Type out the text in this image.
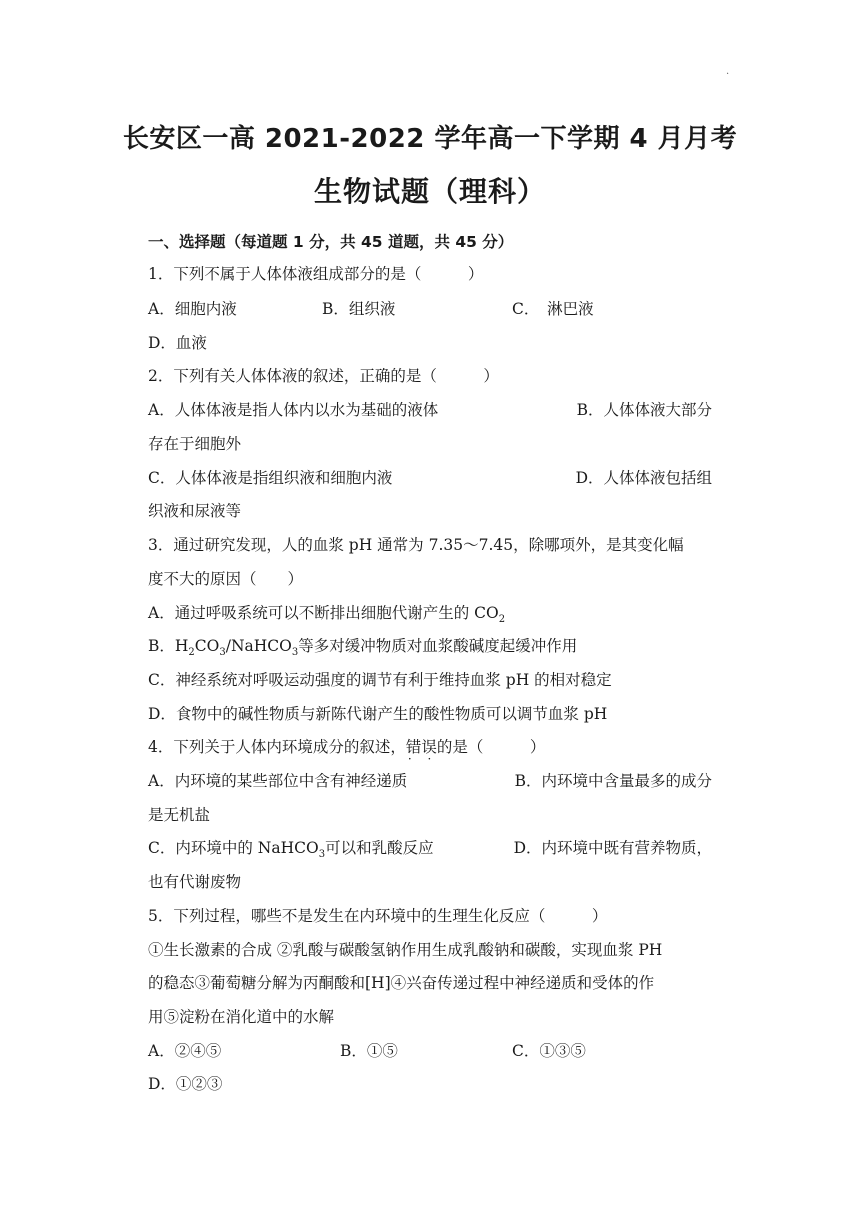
.
长安区一高 2021-2022 学年高一下学期 4 月月考
生物试题（理科）
一、选择题（每道题 1 分，共 45 道题，共 45 分）
1．下列不属于人体体液组成部分的是（　　　）
A．细胞内液	B．组织液	C．　淋巴液
D．血液
2．下列有关人体体液的叙述，正确的是（　　　）
A．人体体液是指人体内以水为基础的液体	B．人体体液大部分
存在于细胞外
C．人体体液是指组织液和细胞内液	D．人体体液包括组
织液和尿液等
3．通过研究发现，人的血浆 pH 通常为 7.35～7.45，除哪项外，是其变化幅
度不大的原因（　　）
A．通过呼吸系统可以不断排出细胞代谢产生的 $CO_2$
B．$H_2CO_3/NaHCO_3$等多对缓冲物质对血浆酸碱度起缓冲作用
C．神经系统对呼吸运动强度的调节有利于维持血浆 pH 的相对稳定
D．食物中的碱性物质与新陈代谢产生的酸性物质可以调节血浆 pH
4．下列关于人体内环境成分的叙述，错误 · ·的是（　　　）
A．内环境的某些部位中含有神经递质	B．内环境中含量最多的成分
是无机盐
C．内环境中的 NaHCO$_3$可以和乳酸反应	D．内环境中既有营养物质，
也有代谢废物
5．下列过程，哪些不是发生在内环境中的生理生化反应（　　　）
①生长激素的合成 ②乳酸与碳酸氢钠作用生成乳酸钠和碳酸，实现血浆 PH
的稳态③葡萄糖分解为丙酮酸和[H]④兴奋传递过程中神经递质和受体的作
用⑤淀粉在消化道中的水解
A．②④⑤	B．①⑤	C．①③⑤
D．①②③
